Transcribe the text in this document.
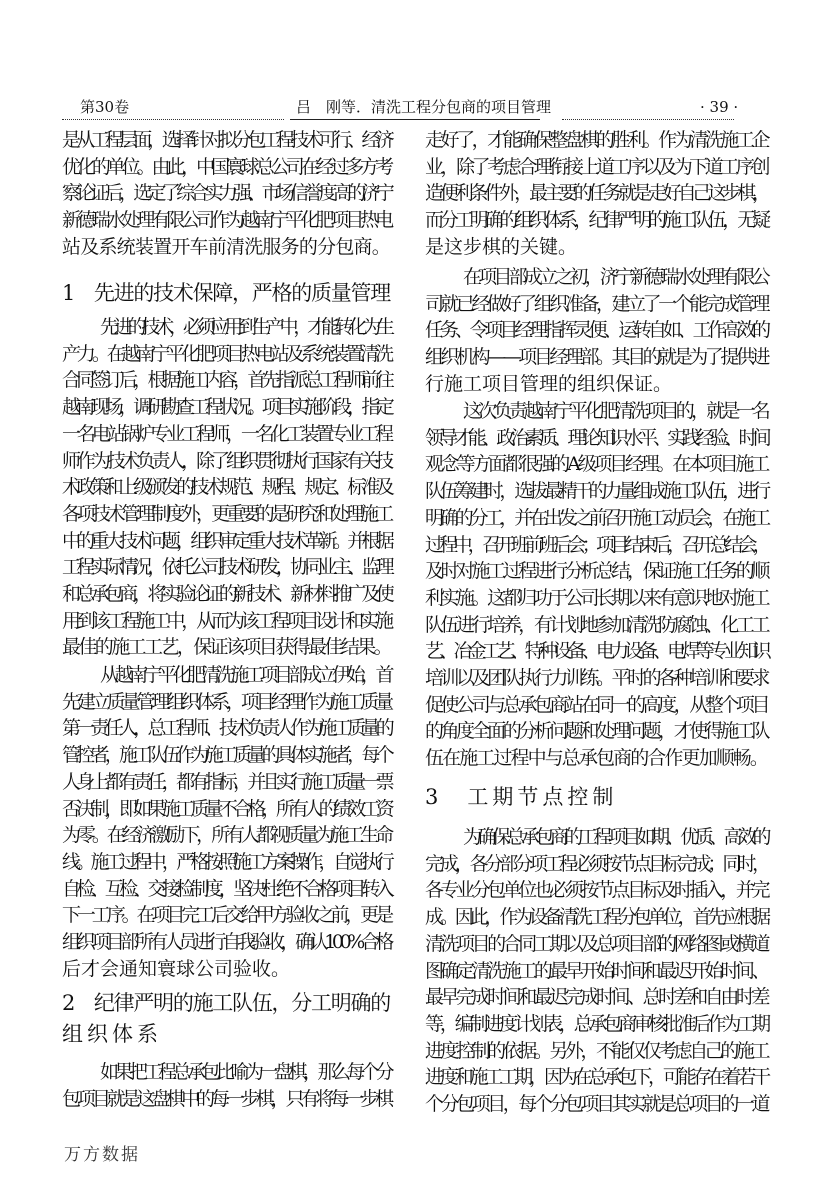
第30卷	吕　刚等．清洗工程分包商的项目管理	· 39 ·
是从工程层面，选择针对拟分包工程技术可行、经济
优化的单位。由此，中国寰球总公司在经过多方考
察论证后，选定了综合实力强、市场信誉度高的济宁
新德瑞水处理有限公司作为越南宁平化肥项目热电
站及系统装置开车前清洗服务的分包商。
1　先进的技术保障，严格的质量管理
先进的技术，必须应用到生产中，才能转化为生
产力。在越南宁平化肥项目热电站及系统装置清洗
合同签订后，根据施工内容，首先指派总工程师前往
越南现场，调研勘查工程状况。项目实施阶段，指定
一名电站锅炉专业工程师，一名化工装置专业工程
师作为技术负责人，除了组织贯彻执行国家有关技
术政策和上级颁发的技术规范、规程、规定、标准及
各项技术管理制度外，更重要的是研究和处理施工
中的重大技术问题，组织审定重大技术革新。并根据
工程实际情况，依托公司技术研发，协同业主、监理
和总承包商，将实验论证的新技术、新材料推广及使
用到该工程施工中，从而为该工程项目设计和实施
最佳的施工工艺，保证该项目获得最佳结果。
从越南宁平化肥清洗施工项目部成立伊始，首
先建立质量管理组织体系，项目经理作为施工质量
第一责任人，总工程师、技术负责人作为施工质量的
管控者，施工队伍作为施工质量的具体实施者，每个
人身上都有责任，都有指标，并且实行施工质量一票
否决制，即如果施工质量不合格，所有人的绩效工资
为零。在经济激励下，所有人都视质量为施工生命
线。施工过程中，严格按照施工方案操作，自觉执行
自检、互检、交接检制度，坚决杜绝不合格项目转入
下一工序。在项目完工后交给甲方验收之前，更是
组织项目部所有人员进行自我验收，确认100%合格
后才会通知寰球公司验收。
2　纪律严明的施工队伍，分工明确的
组织体系
如果把工程总承包比喻为一盘棋，那么每个分
包项目就是这盘棋中的每一步棋，只有将每一步棋
走好了，才能确保整盘棋的胜利。作为清洗施工企
业，除了考虑合理衔接上道工序以及为下道工序创
造便利条件外，最主要的任务就是走好自己这步棋，
而分工明确的组织体系，纪律严明的施工队伍，无疑
是这步棋的关键。
在项目部成立之初，济宁新德瑞水处理有限公
司就已经做好了组织准备，建立了一个能完成管理
任务、令项目经理指挥灵便、运转自如、工作高效的
组织机构——项目经理部。其目的就是为了提供进
行施工项目管理的组织保证。
这次负责越南宁平化肥清洗项目的，就是一名
领导才能、政治素质、理论知识水平、实践经验、时间
观念等方面都很强的A级项目经理。在本项目施工
队伍筹建时，选拔最精干的力量组成施工队伍，进行
明确的分工，并在出发之前召开施工动员会，在施工
过程中，召开班前班后会；项目结束后，召开总结会，
及时对施工过程进行分析总结，保证施工任务的顺
利实施。这都归功于公司长期以来有意识地对施工
队伍进行培养，有计划地参加清洗防腐蚀、化工工
艺、冶金工艺、特种设备、电力设备、电焊等专业知识
培训以及团队执行力训练。平时的各种培训和要求
促使公司与总承包商站在同一的高度，从整个项目
的角度全面的分析问题和处理问题，才使得施工队
伍在施工过程中与总承包商的合作更加顺畅。
3　工期节点控制
为确保总承包商的工程项目如期、优质、高效的
完成，各分部分项工程必须按节点目标完成；同时，
各专业分包单位也必须按节点目标及时插入，并完
成。因此，作为设备清洗工程分包单位，首先应根据
清洗项目的合同工期以及总项目部的网络图或横道
图确定清洗施工的最早开始时间和最迟开始时间、
最早完成时间和最迟完成时间、总时差和自由时差
等，编制进度计划表，总承包商审核批准后作为工期
进度控制的依据。另外，不能仅仅考虑自己的施工
进度和施工工期，因为在总承包下，可能存在着若干
个分包项目，每个分包项目其实就是总项目的一道
万方数据
